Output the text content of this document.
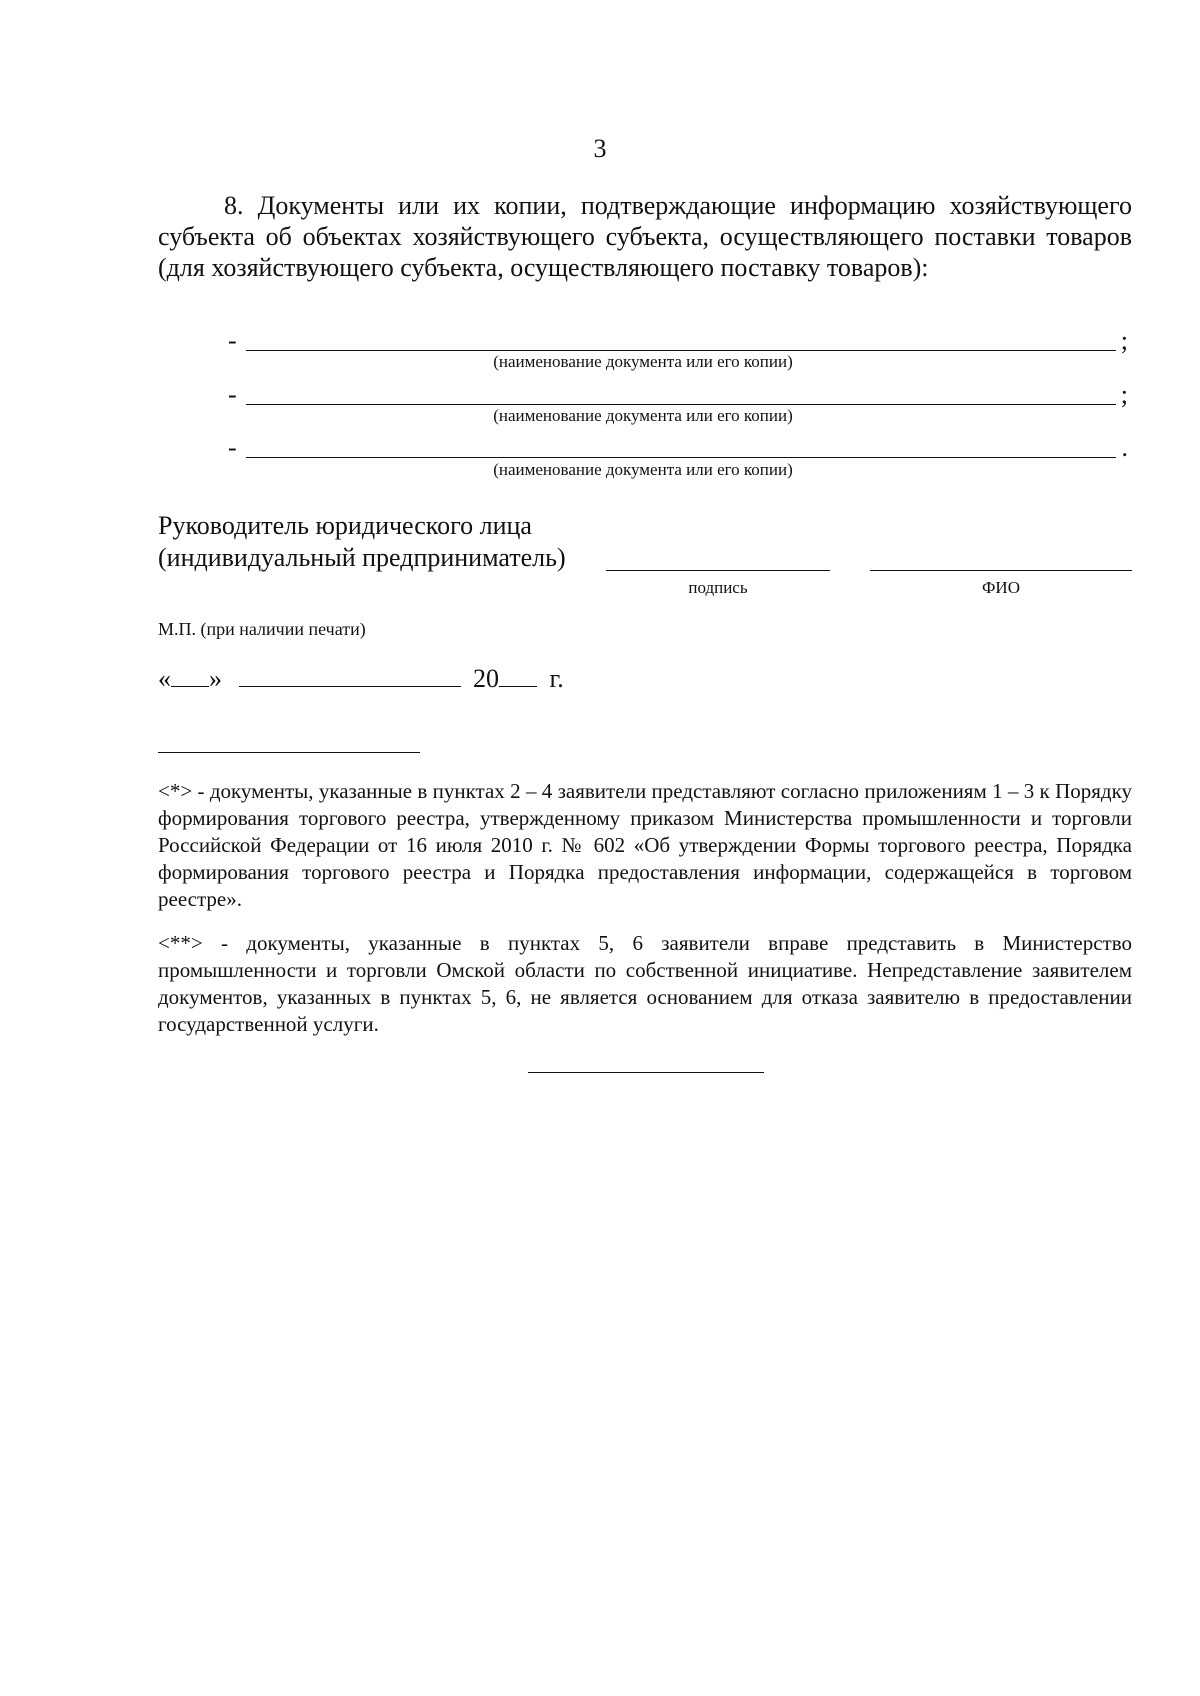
3
8. Документы или их копии, подтверждающие информацию хозяйствующего субъекта об объектах хозяйствующего субъекта, осуществляющего поставки товаров (для хозяйствующего субъекта, осуществляющего поставку товаров):
-	;
(наименование документа или его копии)
-	;
(наименование документа или его копии)
-	.
(наименование документа или его копии)
Руководитель юридического лица
(индивидуальный предприниматель)
подпись	ФИО
М.П. (при наличии печати)
« »	20 г.
<*> - документы, указанные в пунктах 2 – 4 заявители представляют согласно приложениям 1 – 3 к Порядку формирования торгового реестра, утвержденному приказом Министерства промышленности и торговли Российской Федерации от 16 июля 2010 г. № 602 «Об утверждении Формы торгового реестра, Порядка формирования торгового реестра и Порядка предоставления информации, содержащейся в торговом реестре».
<**> - документы, указанные в пунктах 5, 6 заявители вправе представить в Министерство промышленности и торговли Омской области по собственной инициативе. Непредставление заявителем документов, указанных в пунктах 5, 6, не является основанием для отказа заявителю в предоставлении государственной услуги.
